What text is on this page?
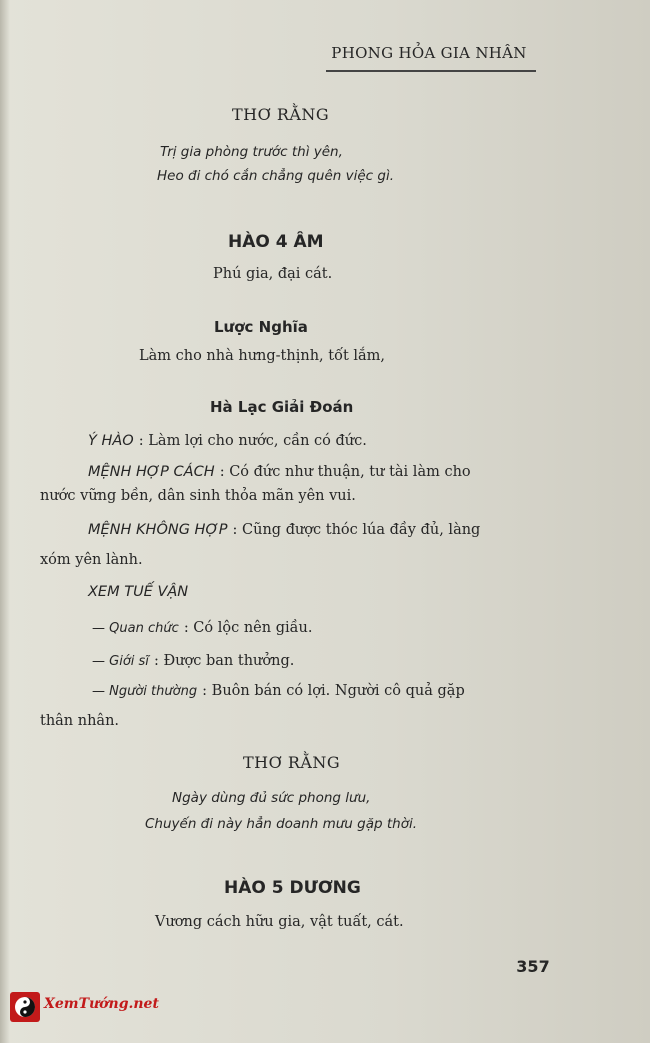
PHONG HỎA GIA NHÂN
THƠ RẰNG
Trị gia phòng trước thì yên,
Heo đi chó cắn chẳng quên việc gì.
HÀO 4 ÂM
Phú gia, đại cát.
Lược Nghĩa
Làm cho nhà hưng-thịnh, tốt lắm,
Hà Lạc Giải Đoán
Ý HÀO : Làm lợi cho nước, cần có đức.
MỆNH HỢP CÁCH : Có đức như thuận, tư tài làm cho
nước vững bền, dân sinh thỏa mãn yên vui.
MỆNH KHÔNG HỢP : Cũng được thóc lúa đầy đủ, làng
xóm yên lành.
XEM TUẾ VẬN
— Quan chức : Có lộc nên giầu.
— Giới sĩ : Được ban thưởng.
— Người thường : Buôn bán có lợi. Người cô quả gặp
thân nhân.
THƠ RẰNG
Ngày dùng đủ sức phong lưu,
Chuyến đi này hẳn doanh mưu gặp thời.
HÀO 5 DƯƠNG
Vương cách hữu gia, vật tuất, cát.
357
XemTướng.net
